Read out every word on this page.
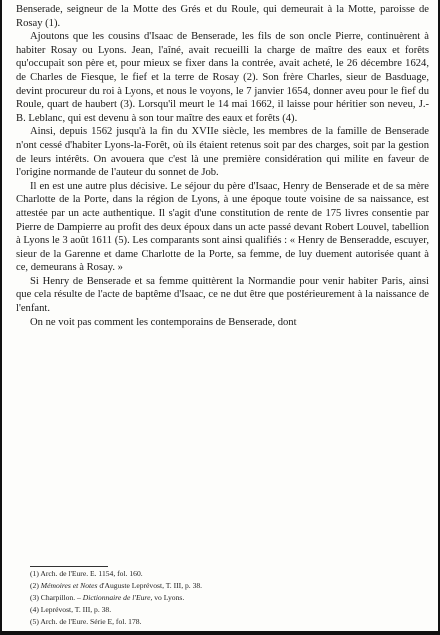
Benserade, seigneur de la Motte des Grés et du Roule, qui demeurait à la Motte, paroisse de Rosay (1).

Ajoutons que les cousins d'Isaac de Benserade, les fils de son oncle Pierre, continuèrent à habiter Rosay ou Lyons. Jean, l'aîné, avait recueilli la charge de maître des eaux et forêts qu'occupait son père et, pour mieux se fixer dans la contrée, avait acheté, le 26 décembre 1624, de Charles de Fiesque, le fief et la terre de Rosay (2). Son frère Charles, sieur de Basduage, devint procureur du roi à Lyons, et nous le voyons, le 7 janvier 1654, donner aveu pour le fief du Roule, quart de haubert (3). Lorsqu'il meurt le 14 mai 1662, il laisse pour héritier son neveu, J.-B. Leblanc, qui est devenu à son tour maître des eaux et forêts (4).

Ainsi, depuis 1562 jusqu'à la fin du XVIIe siècle, les membres de la famille de Benserade n'ont cessé d'habiter Lyons-la-Forêt, où ils étaient retenus soit par des charges, soit par la gestion de leurs intérêts. On avouera que c'est là une première considération qui milite en faveur de l'origine normande de l'auteur du sonnet de Job.

Il en est une autre plus décisive. Le séjour du père d'Isaac, Henry de Benserade et de sa mère Charlotte de la Porte, dans la région de Lyons, à une époque toute voisine de sa naissance, est attestée par un acte authentique. Il s'agit d'une constitution de rente de 175 livres consentie par Pierre de Dampierre au profit des deux époux dans un acte passé devant Robert Louvel, tabellion à Lyons le 3 août 1611 (5). Les comparants sont ainsi qualifiés : « Henry de Benseradde, escuyer, sieur de la Garenne et dame Charlotte de la Porte, sa femme, de luy duement autorisée quant à ce, demeurans à Rosay. »

Si Henry de Benserade et sa femme quittèrent la Normandie pour venir habiter Paris, ainsi que cela résulte de l'acte de baptême d'Isaac, ce ne dut être que postérieurement à la naissance de l'enfant.

On ne voit pas comment les contemporains de Benserade, dont

(1) Arch. de l'Eure. E. 1154, fol. 160.
(2) Mémoires et Notes d'Auguste Leprévost, T. III, p. 38.
(3) Charpillon. – Dictionnaire de l'Eure, vo Lyons.
(4) Leprévost, T. III, p. 38.
(5) Arch. de l'Eure. Série E, fol. 178.
